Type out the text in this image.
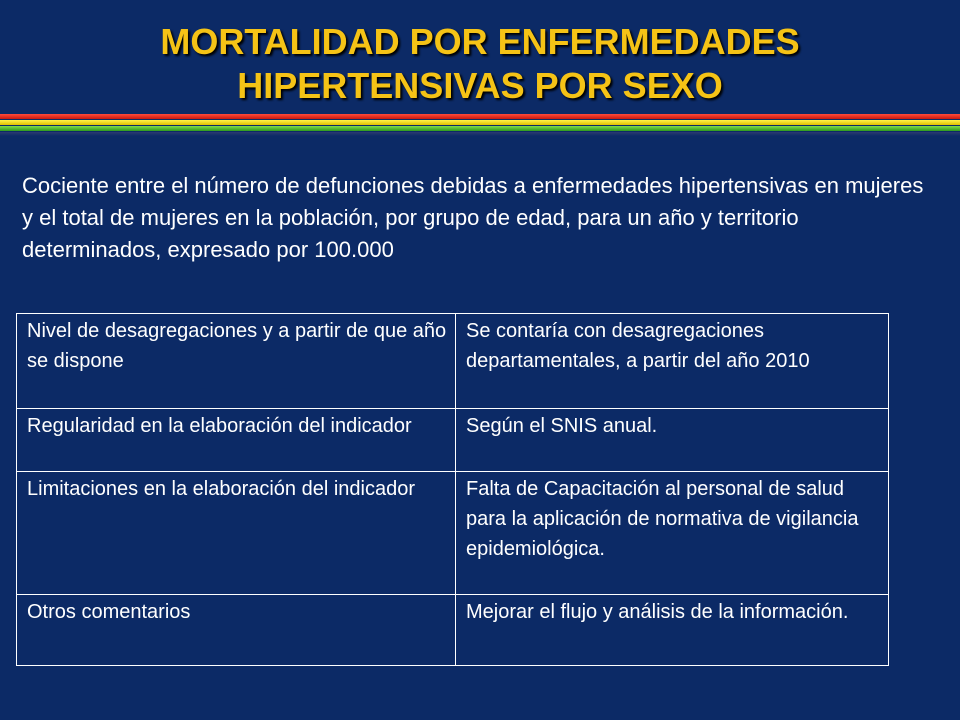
MORTALIDAD POR ENFERMEDADES
HIPERTENSIVAS POR SEXO

Cociente entre el número de defunciones debidas a enfermedades hipertensivas en mujeres y el total de mujeres en la población, por grupo de edad, para un año y territorio determinados, expresado por 100.000

Nivel de desagregaciones y a partir de que año se dispone	Se contaría con desagregaciones departamentales, a partir del año 2010
Regularidad en la elaboración del indicador	Según el SNIS anual.
Limitaciones en la elaboración del indicador	Falta de Capacitación al personal de salud para la aplicación de normativa de vigilancia epidemiológica.
Otros comentarios	Mejorar el flujo y análisis de la información.
